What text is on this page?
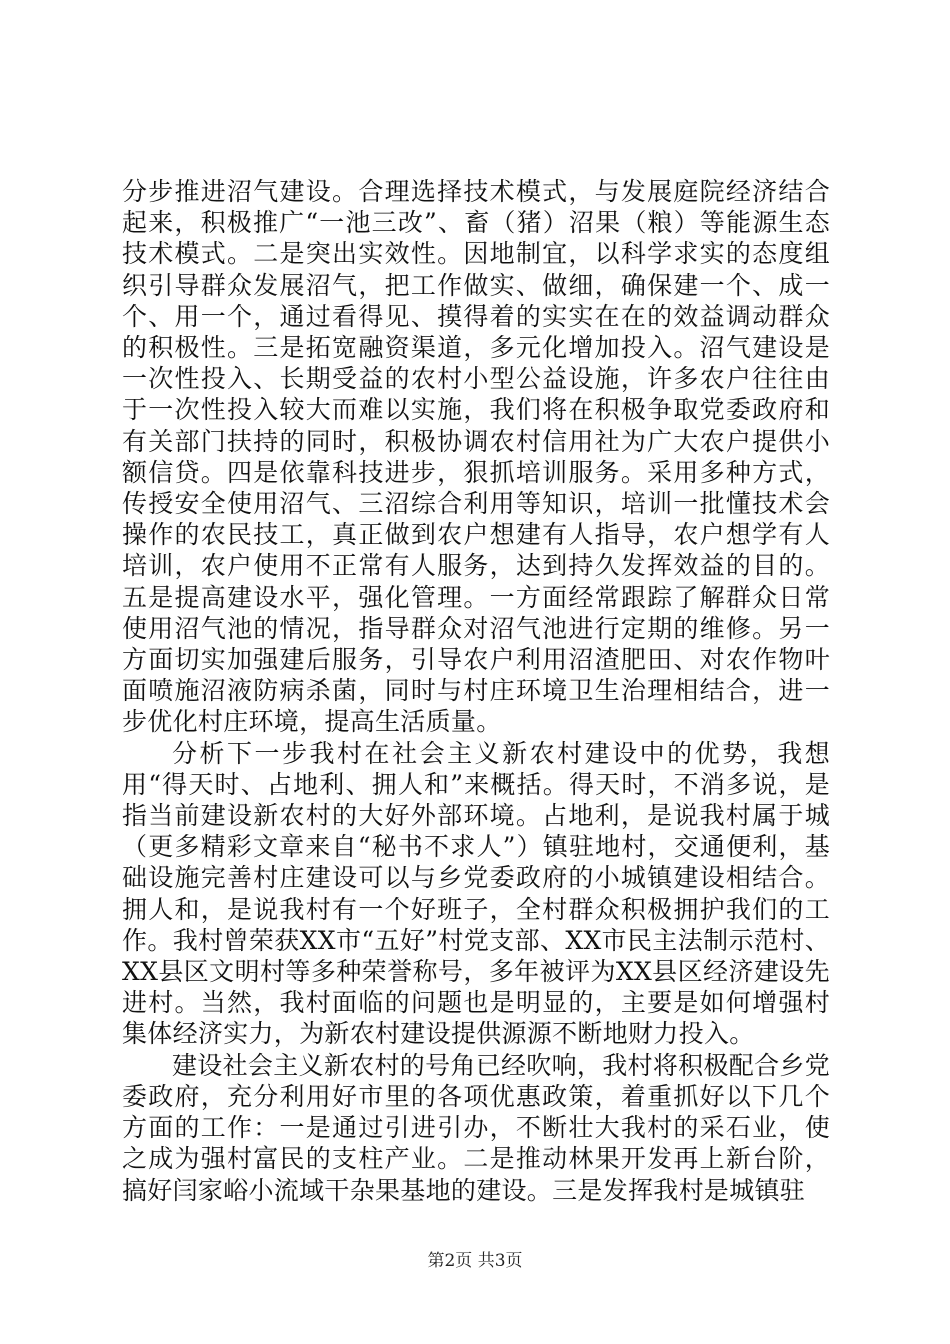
分步推进沼气建设。合理选择技术模式，与发展庭院经济结合起来，积极推广“一池三改”、畜（猪）沼果（粮）等能源生态技术模式。二是突出实效性。因地制宜，以科学求实的态度组织引导群众发展沼气，把工作做实、做细，确保建一个、成一个、用一个，通过看得见、摸得着的实实在在的效益调动群众的积极性。三是拓宽融资渠道，多元化增加投入。沼气建设是一次性投入、长期受益的农村小型公益设施，许多农户往往由于一次性投入较大而难以实施，我们将在积极争取党委政府和有关部门扶持的同时，积极协调农村信用社为广大农户提供小额信贷。四是依靠科技进步，狠抓培训服务。采用多种方式，传授安全使用沼气、三沼综合利用等知识，培训一批懂技术会操作的农民技工，真正做到农户想建有人指导，农户想学有人培训，农户使用不正常有人服务，达到持久发挥效益的目的。五是提高建设水平，强化管理。一方面经常跟踪了解群众日常使用沼气池的情况，指导群众对沼气池进行定期的维修。另一方面切实加强建后服务，引导农户利用沼渣肥田、对农作物叶面喷施沼液防病杀菌，同时与村庄环境卫生治理相结合，进一步优化村庄环境，提高生活质量。

分析下一步我村在社会主义新农村建设中的优势，我想用“得天时、占地利、拥人和”来概括。得天时，不消多说，是指当前建设新农村的大好外部环境。占地利，是说我村属于城（更多精彩文章来自“秘书不求人”）镇驻地村，交通便利，基础设施完善村庄建设可以与乡党委政府的小城镇建设相结合。拥人和，是说我村有一个好班子，全村群众积极拥护我们的工作。我村曾荣获XX市“五好”村党支部、XX市民主法制示范村、XX县区文明村等多种荣誉称号，多年被评为XX县区经济建设先进村。当然，我村面临的问题也是明显的，主要是如何增强村集体经济实力，为新农村建设提供源源不断地财力投入。

建设社会主义新农村的号角已经吹响，我村将积极配合乡党委政府，充分利用好市里的各项优惠政策，着重抓好以下几个方面的工作：一是通过引进引办，不断壮大我村的采石业，使之成为强村富民的支柱产业。二是推动林果开发再上新台阶，搞好闫家峪小流域干杂果基地的建设。三是发挥我村是城镇驻

第2页 共3页
